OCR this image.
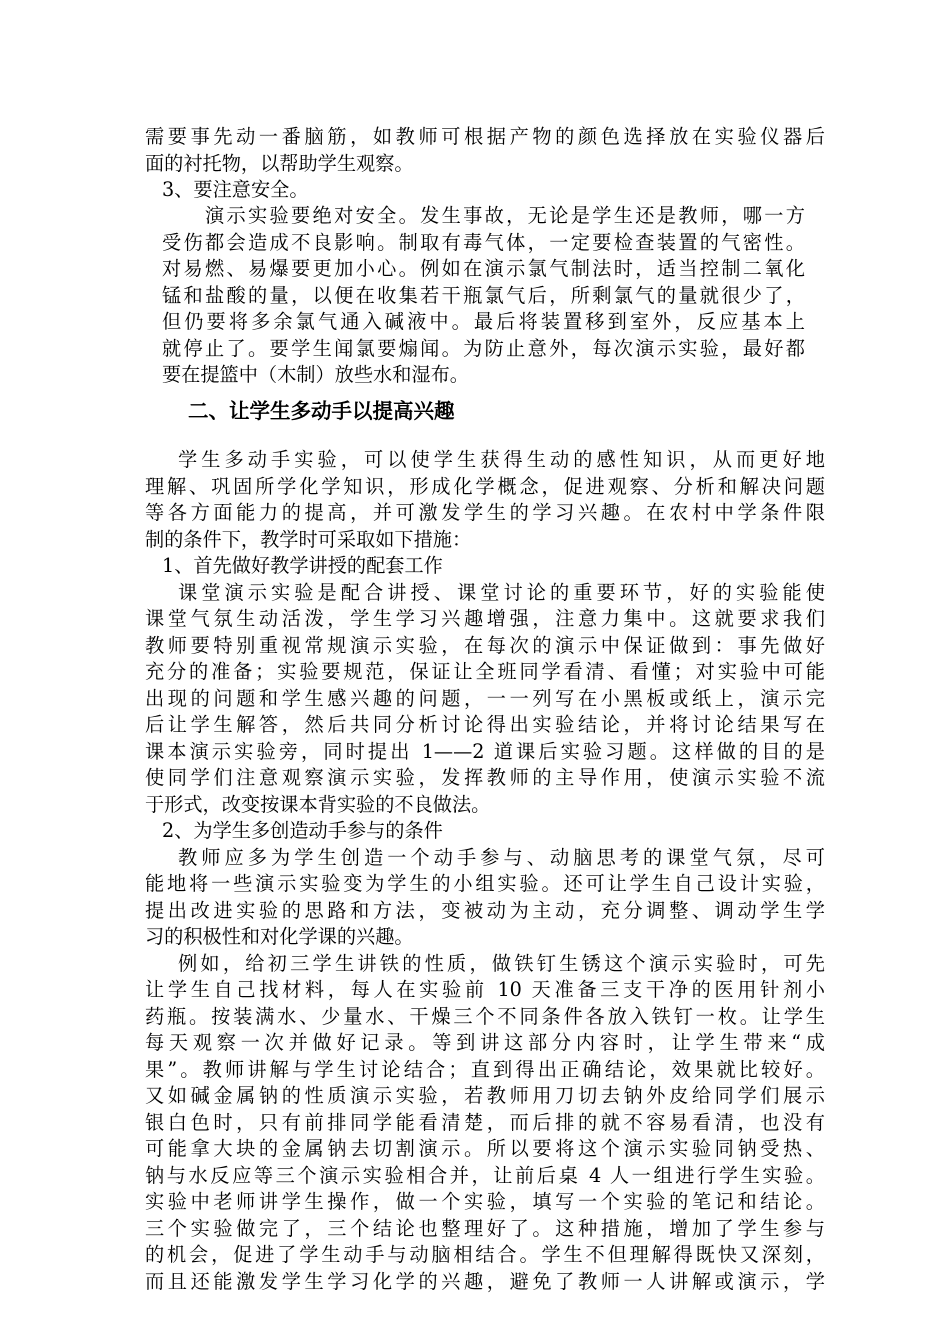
需要事先动一番脑筋，如教师可根据产物的颜色选择放在实验仪器后
面的衬托物，以帮助学生观察。
3、要注意安全。
演示实验要绝对安全。发生事故，无论是学生还是教师，哪一方
受伤都会造成不良影响。制取有毒气体，一定要检查装置的气密性。
对易燃、易爆要更加小心。例如在演示氯气制法时，适当控制二氧化
锰和盐酸的量，以便在收集若干瓶氯气后，所剩氯气的量就很少了，
但仍要将多余氯气通入碱液中。最后将装置移到室外，反应基本上
就停止了。要学生闻氯要煽闻。为防止意外，每次演示实验，最好都
要在提篮中（木制）放些水和湿布。
二、让学生多动手以提高兴趣
学生多动手实验，可以使学生获得生动的感性知识，从而更好地
理解、巩固所学化学知识，形成化学概念，促进观察、分析和解决问题
等各方面能力的提高，并可激发学生的学习兴趣。在农村中学条件限
制的条件下，教学时可采取如下措施：
1、首先做好教学讲授的配套工作
课堂演示实验是配合讲授、课堂讨论的重要环节，好的实验能使
课堂气氛生动活泼，学生学习兴趣增强，注意力集中。这就要求我们
教师要特别重视常规演示实验，在每次的演示中保证做到：事先做好
充分的准备；实验要规范，保证让全班同学看清、看懂；对实验中可能
出现的问题和学生感兴趣的问题，一一列写在小黑板或纸上，演示完
后让学生解答，然后共同分析讨论得出实验结论，并将讨论结果写在
课本演示实验旁，同时提出 1——2 道课后实验习题。这样做的目的是
使同学们注意观察演示实验，发挥教师的主导作用，使演示实验不流
于形式，改变按课本背实验的不良做法。
2、为学生多创造动手参与的条件
教师应多为学生创造一个动手参与、动脑思考的课堂气氛，尽可
能地将一些演示实验变为学生的小组实验。还可让学生自己设计实验，
提出改进实验的思路和方法，变被动为主动，充分调整、调动学生学
习的积极性和对化学课的兴趣。
例如，给初三学生讲铁的性质，做铁钉生锈这个演示实验时，可先
让学生自己找材料，每人在实验前 10 天准备三支干净的医用针剂小
药瓶。按装满水、少量水、干燥三个不同条件各放入铁钉一枚。让学生
每天观察一次并做好记录。等到讲这部分内容时，让学生带来“成
果”。教师讲解与学生讨论结合；直到得出正确结论，效果就比较好。
又如碱金属钠的性质演示实验，若教师用刀切去钠外皮给同学们展示
银白色时，只有前排同学能看清楚，而后排的就不容易看清，也没有
可能拿大块的金属钠去切割演示。所以要将这个演示实验同钠受热、
钠与水反应等三个演示实验相合并，让前后桌 4 人一组进行学生实验。
实验中老师讲学生操作，做一个实验，填写一个实验的笔记和结论。
三个实验做完了，三个结论也整理好了。这种措施，增加了学生参与
的机会，促进了学生动手与动脑相结合。学生不但理解得既快又深刻，
而且还能激发学生学习化学的兴趣，避免了教师一人讲解或演示，学
